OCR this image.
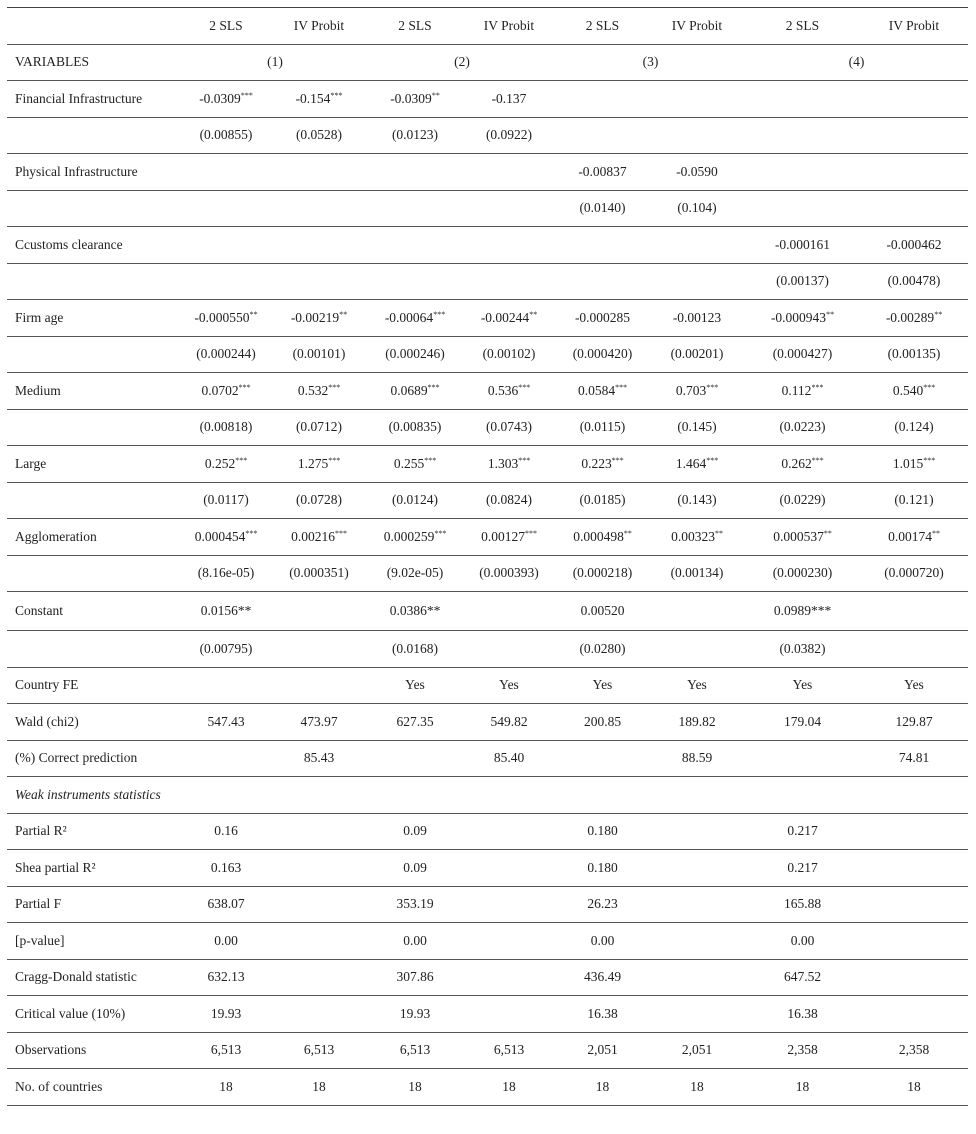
	2 SLS	IV Probit	2 SLS	IV Probit	2 SLS	IV Probit	2 SLS	IV Probit
VARIABLES	(1)		(2)		(3)		(4)	
Financial Infrastructure	-0.0309***	-0.154***	-0.0309**	-0.137				
	(0.00855)	(0.0528)	(0.0123)	(0.0922)				
Physical Infrastructure					-0.00837	-0.0590		
					(0.0140)	(0.104)		
Ccustoms clearance							-0.000161	-0.000462
							(0.00137)	(0.00478)
Firm age	-0.000550**	-0.00219**	-0.00064***	-0.00244**	-0.000285	-0.00123	-0.000943**	-0.00289**
	(0.000244)	(0.00101)	(0.000246)	(0.00102)	(0.000420)	(0.00201)	(0.000427)	(0.00135)
Medium	0.0702***	0.532***	0.0689***	0.536***	0.0584***	0.703***	0.112***	0.540***
	(0.00818)	(0.0712)	(0.00835)	(0.0743)	(0.0115)	(0.145)	(0.0223)	(0.124)
Large	0.252***	1.275***	0.255***	1.303***	0.223***	1.464***	0.262***	1.015***
	(0.0117)	(0.0728)	(0.0124)	(0.0824)	(0.0185)	(0.143)	(0.0229)	(0.121)
Agglomeration	0.000454***	0.00216***	0.000259***	0.00127***	0.000498**	0.00323**	0.000537**	0.00174**
	(8.16e-05)	(0.000351)	(9.02e-05)	(0.000393)	(0.000218)	(0.00134)	(0.000230)	(0.000720)
Constant	0.0156**		0.0386**		0.00520		0.0989***	
	(0.00795)		(0.0168)		(0.0280)		(0.0382)	
Country FE			Yes	Yes	Yes	Yes	Yes	Yes
Wald (chi2)	547.43	473.97	627.35	549.82	200.85	189.82	179.04	129.87
(%) Correct prediction		85.43		85.40		88.59		74.81
Weak instruments statistics								
Partial R²	0.16		0.09		0.180		0.217	
Shea partial R²	0.163		0.09		0.180		0.217	
Partial F	638.07		353.19		26.23		165.88	
[p-value]	0.00		0.00		0.00		0.00	
Cragg-Donald statistic	632.13		307.86		436.49		647.52	
Critical value (10%)	19.93		19.93		16.38		16.38	
Observations	6,513	6,513	6,513	6,513	2,051	2,051	2,358	2,358
No. of countries	18	18	18	18	18	18	18	18
